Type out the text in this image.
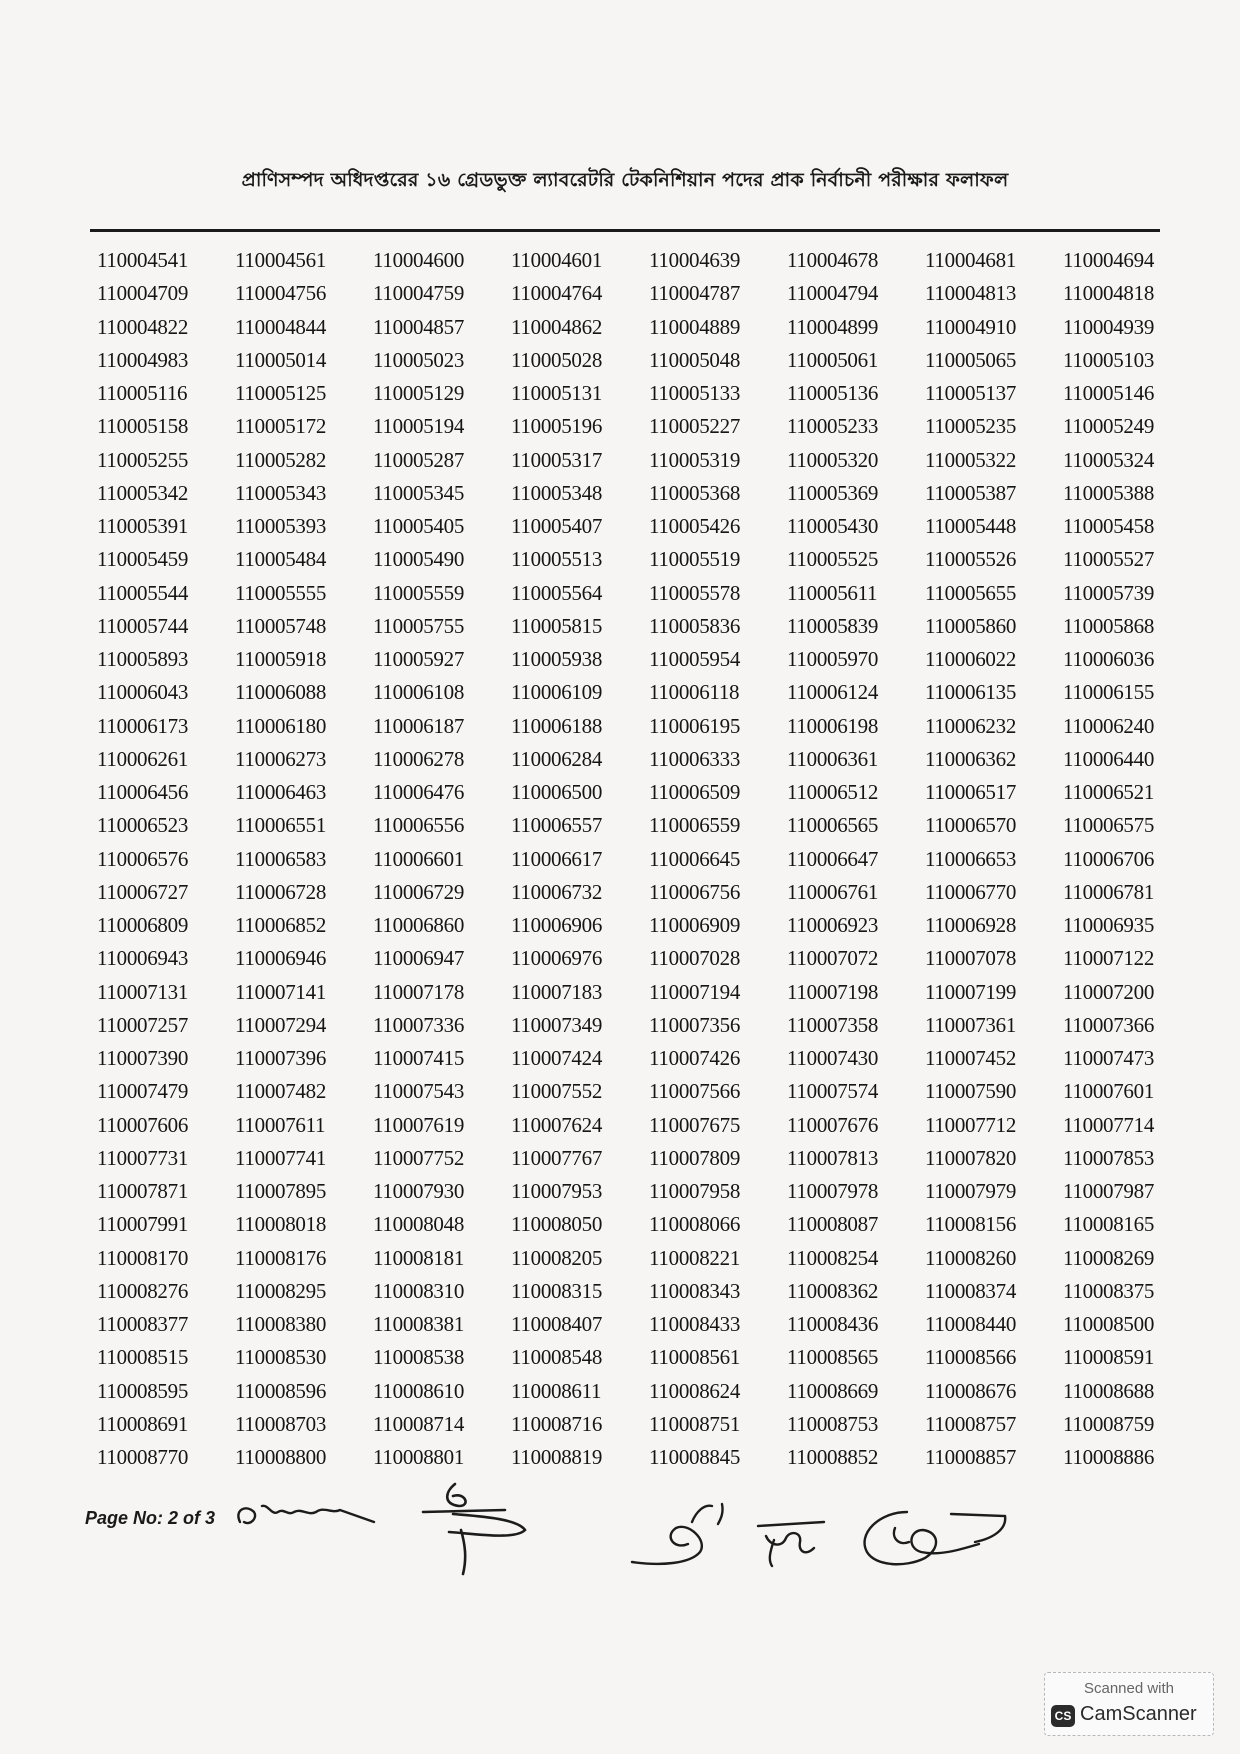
প্রাণিসম্পদ অধিদপ্তরের ১৬ গ্রেডভুক্ত ল্যাবরেটরি টেকনিশিয়ান পদের প্রাক নির্বাচনী পরীক্ষার ফলাফল
110004541	110004561	110004600	110004601	110004639	110004678	110004681	110004694
110004709	110004756	110004759	110004764	110004787	110004794	110004813	110004818
110004822	110004844	110004857	110004862	110004889	110004899	110004910	110004939
110004983	110005014	110005023	110005028	110005048	110005061	110005065	110005103
110005116	110005125	110005129	110005131	110005133	110005136	110005137	110005146
110005158	110005172	110005194	110005196	110005227	110005233	110005235	110005249
110005255	110005282	110005287	110005317	110005319	110005320	110005322	110005324
110005342	110005343	110005345	110005348	110005368	110005369	110005387	110005388
110005391	110005393	110005405	110005407	110005426	110005430	110005448	110005458
110005459	110005484	110005490	110005513	110005519	110005525	110005526	110005527
110005544	110005555	110005559	110005564	110005578	110005611	110005655	110005739
110005744	110005748	110005755	110005815	110005836	110005839	110005860	110005868
110005893	110005918	110005927	110005938	110005954	110005970	110006022	110006036
110006043	110006088	110006108	110006109	110006118	110006124	110006135	110006155
110006173	110006180	110006187	110006188	110006195	110006198	110006232	110006240
110006261	110006273	110006278	110006284	110006333	110006361	110006362	110006440
110006456	110006463	110006476	110006500	110006509	110006512	110006517	110006521
110006523	110006551	110006556	110006557	110006559	110006565	110006570	110006575
110006576	110006583	110006601	110006617	110006645	110006647	110006653	110006706
110006727	110006728	110006729	110006732	110006756	110006761	110006770	110006781
110006809	110006852	110006860	110006906	110006909	110006923	110006928	110006935
110006943	110006946	110006947	110006976	110007028	110007072	110007078	110007122
110007131	110007141	110007178	110007183	110007194	110007198	110007199	110007200
110007257	110007294	110007336	110007349	110007356	110007358	110007361	110007366
110007390	110007396	110007415	110007424	110007426	110007430	110007452	110007473
110007479	110007482	110007543	110007552	110007566	110007574	110007590	110007601
110007606	110007611	110007619	110007624	110007675	110007676	110007712	110007714
110007731	110007741	110007752	110007767	110007809	110007813	110007820	110007853
110007871	110007895	110007930	110007953	110007958	110007978	110007979	110007987
110007991	110008018	110008048	110008050	110008066	110008087	110008156	110008165
110008170	110008176	110008181	110008205	110008221	110008254	110008260	110008269
110008276	110008295	110008310	110008315	110008343	110008362	110008374	110008375
110008377	110008380	110008381	110008407	110008433	110008436	110008440	110008500
110008515	110008530	110008538	110008548	110008561	110008565	110008566	110008591
110008595	110008596	110008610	110008611	110008624	110008669	110008676	110008688
110008691	110008703	110008714	110008716	110008751	110008753	110008757	110008759
110008770	110008800	110008801	110008819	110008845	110008852	110008857	110008886
Page No: 2 of 3
Scanned with
CS CamScanner
